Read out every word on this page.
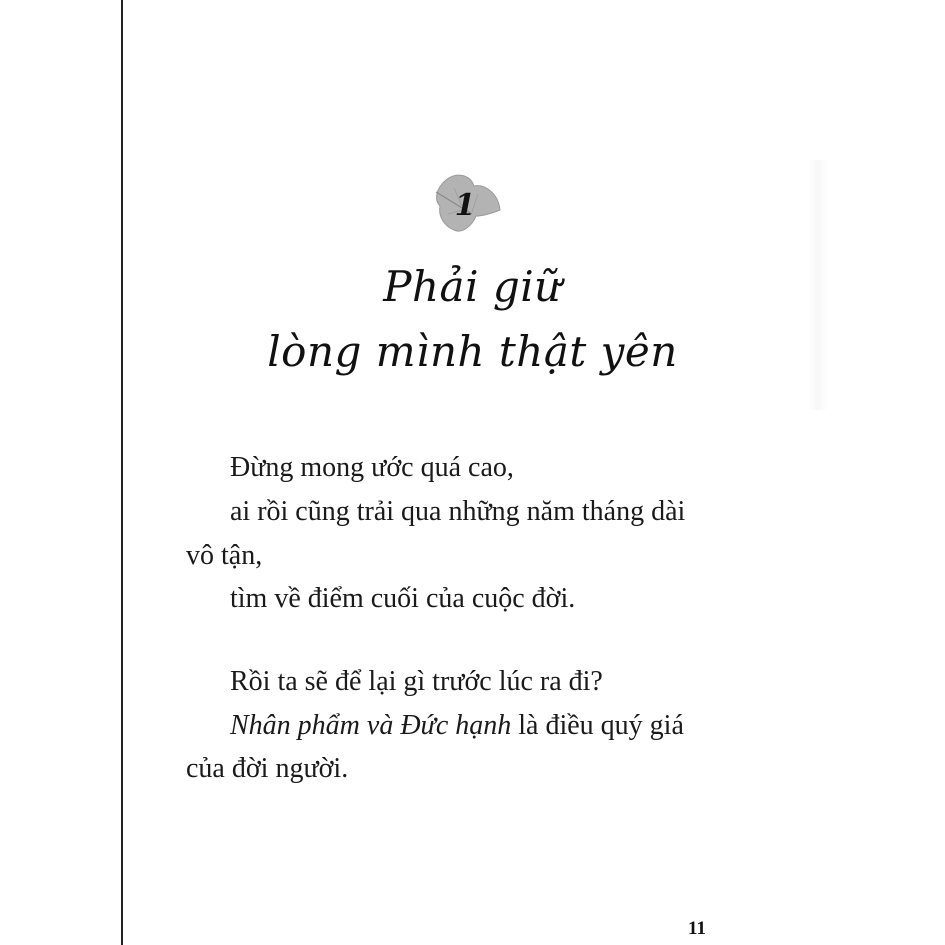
1
Phải giữ
lòng mình thật yên
Đừng mong ước quá cao,
ai rồi cũng trải qua những năm tháng dài
vô tận,
tìm về điểm cuối của cuộc đời.
Rồi ta sẽ để lại gì trước lúc ra đi?
Nhân phẩm và Đức hạnh là điều quý giá
của đời người.
11
